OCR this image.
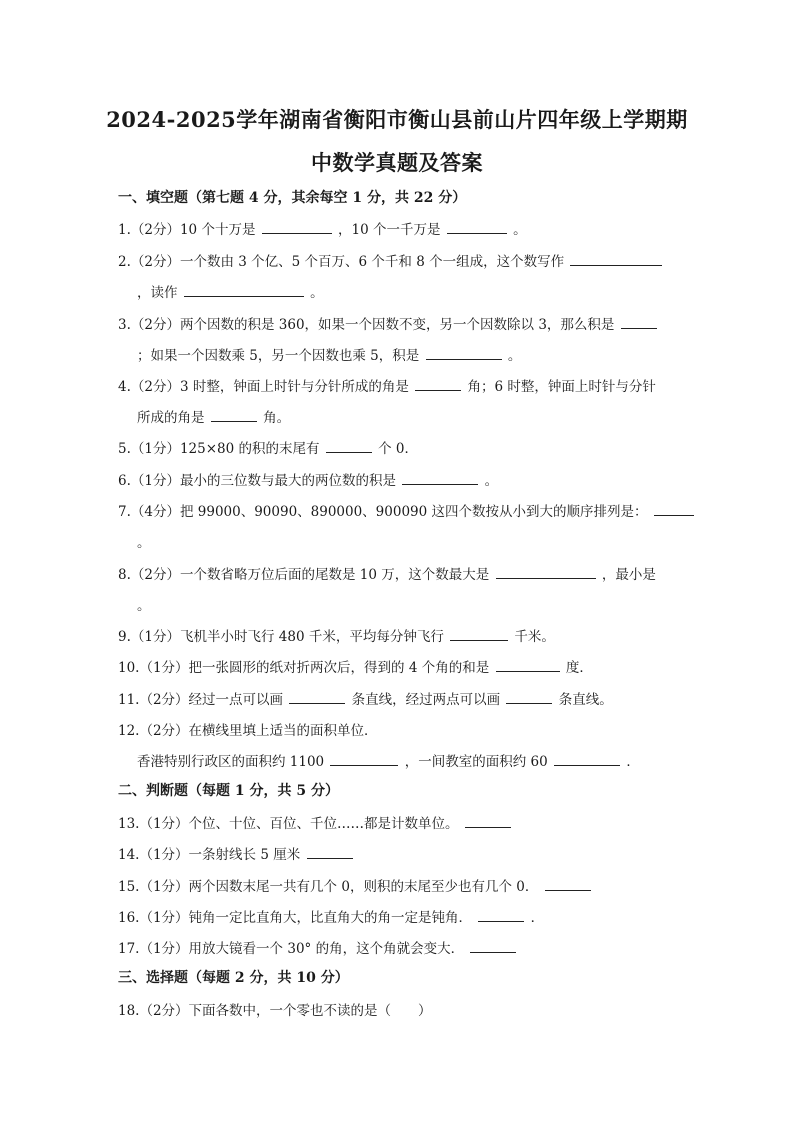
2024-2025学年湖南省衡阳市衡山县前山片四年级上学期期
中数学真题及答案
一、填空题（第七题 4 分，其余每空 1 分，共 22 分）
1.（2分）10 个十万是	，10 个一千万是	。
2.（2分）一个数由 3 个亿、5 个百万、6 个千和 8 个一组成，这个数写作
，读作	。
3.（2分）两个因数的积是 360，如果一个因数不变，另一个因数除以 3，那么积是
；如果一个因数乘 5，另一个因数也乘 5，积是	。
4.（2分）3 时整，钟面上时针与分针所成的角是	角；6 时整，钟面上时针与分针
所成的角是	角。
5.（1分）125×80 的积的末尾有	个 0．
6.（1分）最小的三位数与最大的两位数的积是	。
7.（4分）把 99000、90090、890000、900090 这四个数按从小到大的顺序排列是：
。
8.（2分）一个数省略万位后面的尾数是 10 万，这个数最大是	，最小是
。
9.（1分）飞机半小时飞行 480 千米，平均每分钟飞行	千米。
10.（1分）把一张圆形的纸对折两次后，得到的 4 个角的和是	度．
11.（2分）经过一点可以画	条直线，经过两点可以画	条直线。
12.（2分）在横线里填上适当的面积单位．
香港特别行政区的面积约 1100	，一间教室的面积约 60	．
二、判断题（每题 1 分，共 5 分）
13.（1分）个位、十位、百位、千位……都是计数单位。
14.（1分）一条射线长 5 厘米
15.（1分）两个因数末尾一共有几个 0，则积的末尾至少也有几个 0．
16.（1分）钝角一定比直角大，比直角大的角一定是钝角．	．
17.（1分）用放大镜看一个 30° 的角，这个角就会变大．
三、选择题（每题 2 分，共 10 分）
18.（2分）下面各数中，一个零也不读的是（　　）
